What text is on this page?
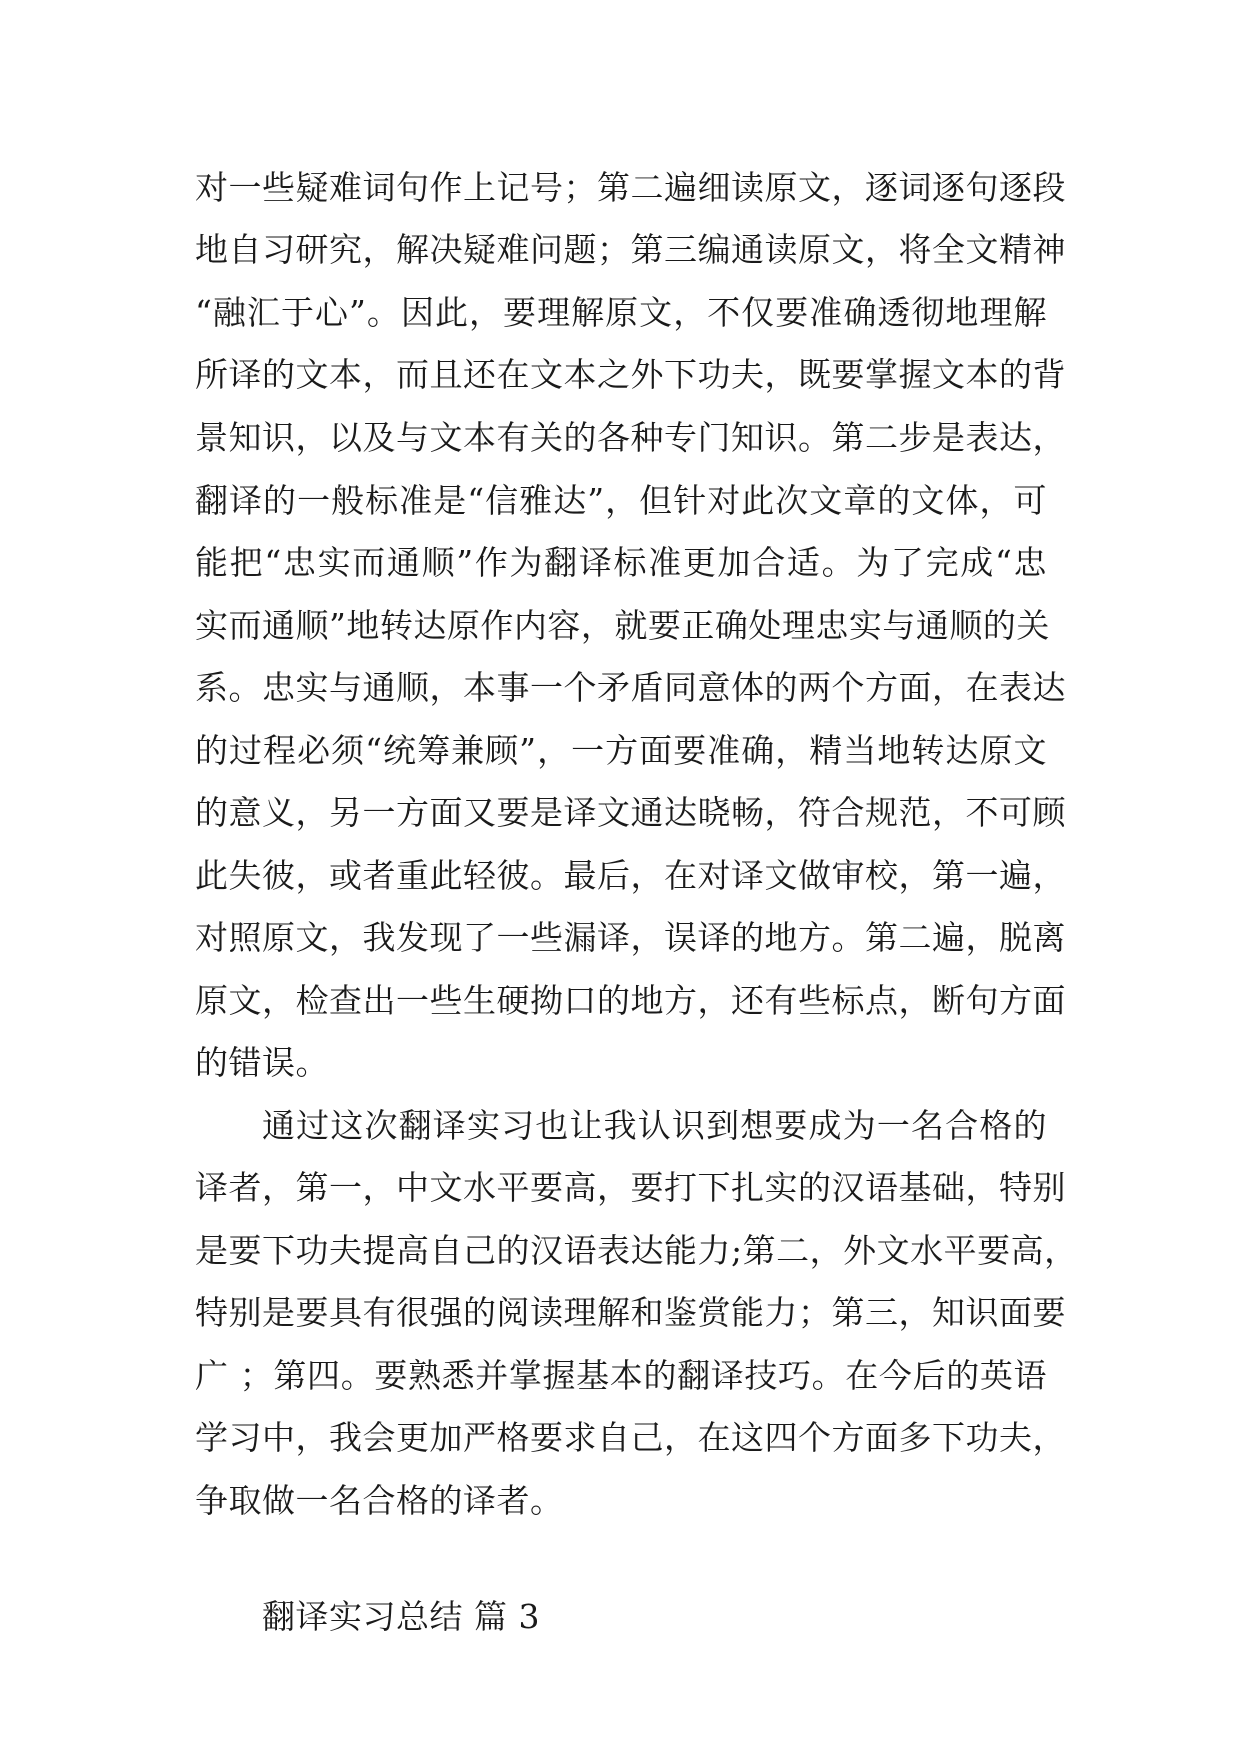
对一些疑难词句作上记号；第二遍细读原文，逐词逐句逐段
地自习研究，解决疑难问题；第三编通读原文，将全文精神
“融汇于心”。因此，要理解原文，不仅要准确透彻地理解
所译的文本，而且还在文本之外下功夫，既要掌握文本的背
景知识，以及与文本有关的各种专门知识。第二步是表达，
翻译的一般标准是“信雅达”，但针对此次文章的文体，可
能把“忠实而通顺”作为翻译标准更加合适。为了完成“忠
实而通顺”地转达原作内容，就要正确处理忠实与通顺的关
系。忠实与通顺，本事一个矛盾同意体的两个方面，在表达
的过程必须“统筹兼顾”，一方面要准确，精当地转达原文
的意义，另一方面又要是译文通达晓畅，符合规范，不可顾
此失彼，或者重此轻彼。最后，在对译文做审校，第一遍，
对照原文，我发现了一些漏译，误译的地方。第二遍，脱离
原文，检查出一些生硬拗口的地方，还有些标点，断句方面
的错误。
通过这次翻译实习也让我认识到想要成为一名合格的
译者，第一，中文水平要高，要打下扎实的汉语基础，特别
是要下功夫提高自己的汉语表达能力;第二，外文水平要高，
特别是要具有很强的阅读理解和鉴赏能力；第三，知识面要
广 ；第四。要熟悉并掌握基本的翻译技巧。在今后的英语
学习中，我会更加严格要求自己，在这四个方面多下功夫，
争取做一名合格的译者。
翻译实习总结 篇 3
